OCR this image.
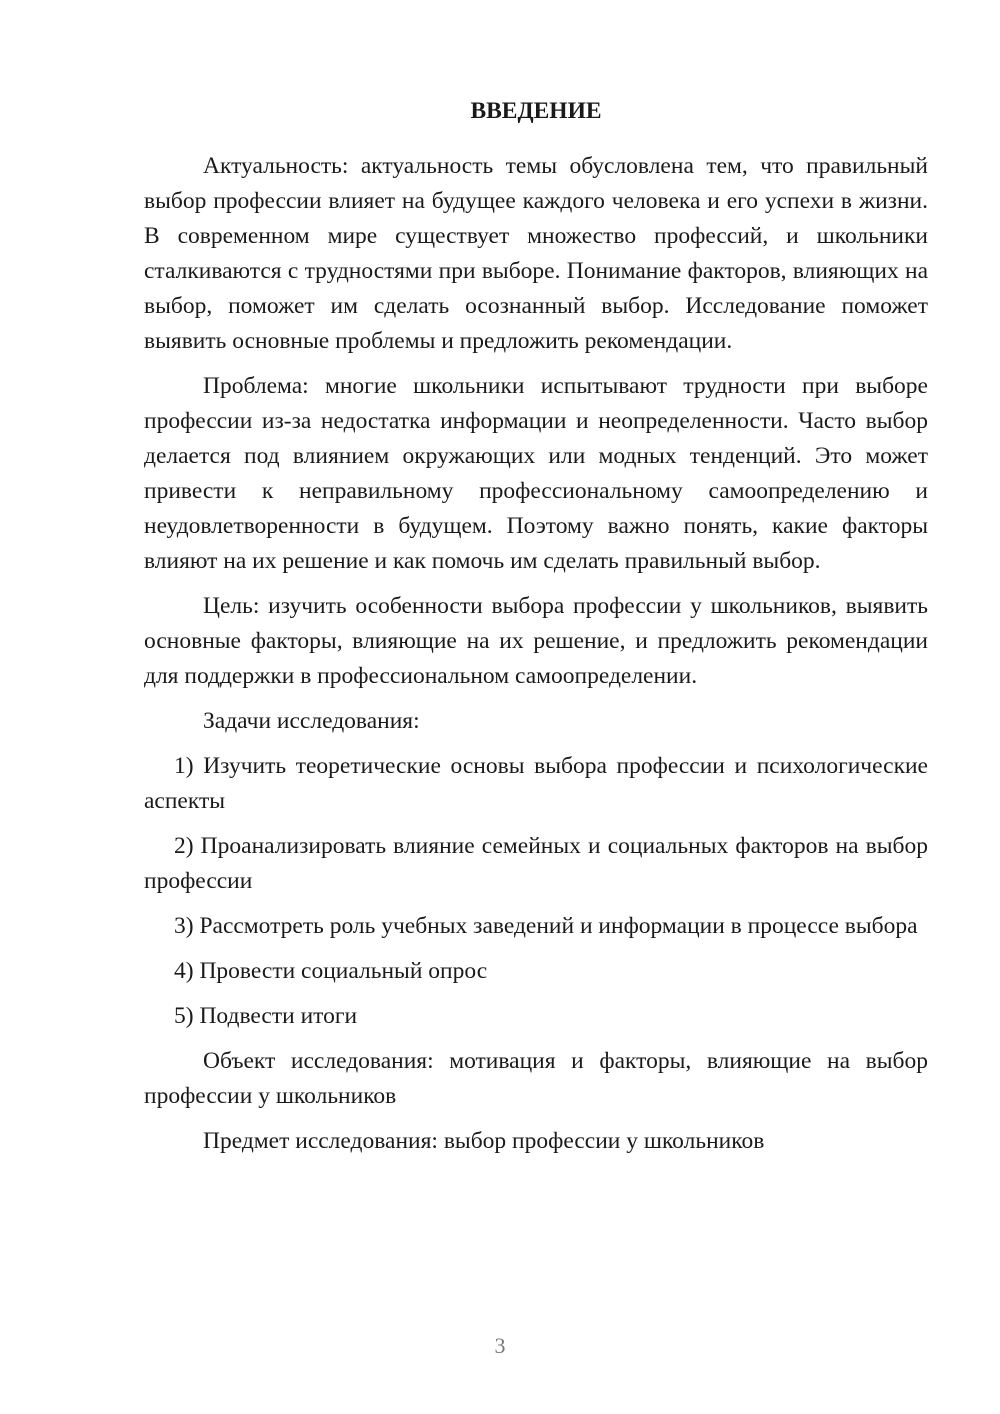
ВВЕДЕНИЕ

Актуальность: актуальность темы обусловлена тем, что правильный выбор профессии влияет на будущее каждого человека и его успехи в жизни. В современном мире существует множество профессий, и школьники сталкиваются с трудностями при выборе. Понимание факторов, влияющих на выбор, поможет им сделать осознанный выбор. Исследование поможет выявить основные проблемы и предложить рекомендации.

Проблема: многие школьники испытывают трудности при выборе профессии из-за недостатка информации и неопределенности. Часто выбор делается под влиянием окружающих или модных тенденций. Это может привести к неправильному профессиональному самоопределению и неудовлетворенности в будущем. Поэтому важно понять, какие факторы влияют на их решение и как помочь им сделать правильный выбор.

Цель: изучить особенности выбора профессии у школьников, выявить основные факторы, влияющие на их решение, и предложить рекомендации для поддержки в профессиональном самоопределении.

Задачи исследования:

1) Изучить теоретические основы выбора профессии и психологические аспекты

2) Проанализировать влияние семейных и социальных факторов на выбор профессии

3) Рассмотреть роль учебных заведений и информации в процессе выбора

4) Провести социальный опрос

5) Подвести итоги

Объект исследования: мотивация и факторы, влияющие на выбор профессии у школьников

Предмет исследования: выбор профессии у школьников

3
